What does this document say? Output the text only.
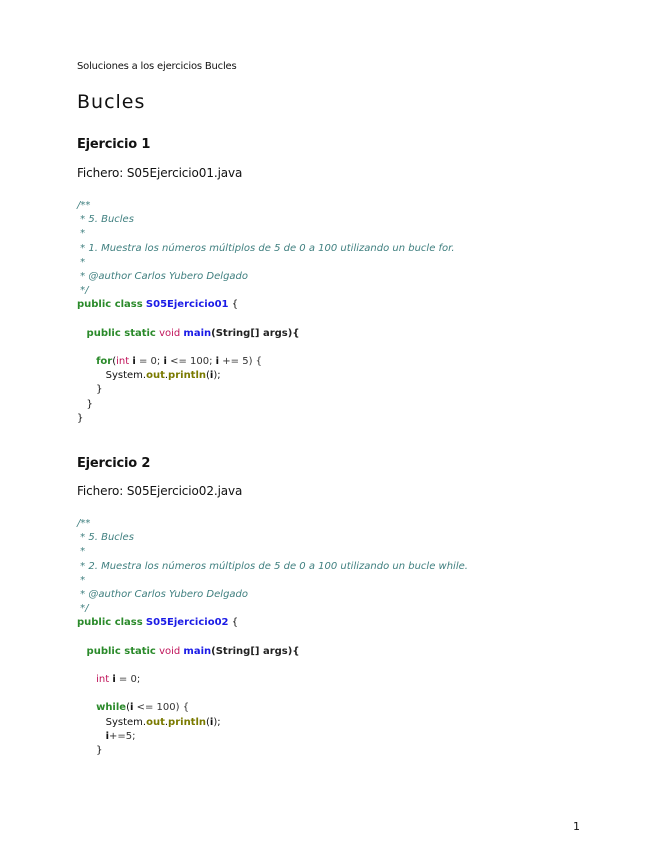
Soluciones a los ejercicios Bucles
Bucles
Ejercicio 1
Fichero: S05Ejercicio01.java
/**
* 5. Bucles
*
* 1. Muestra los números múltiplos de 5 de 0 a 100 utilizando un bucle for.
*
* @author Carlos Yubero Delgado
*/
public class S05Ejercicio01 {

public static void main(String[] args){

for(int i = 0; i <= 100; i += 5) {
System.out.println(i);
}
}
}
Ejercicio 2
Fichero: S05Ejercicio02.java
/**
* 5. Bucles
*
* 2. Muestra los números múltiplos de 5 de 0 a 100 utilizando un bucle while.
*
* @author Carlos Yubero Delgado
*/
public class S05Ejercicio02 {

public static void main(String[] args){

int i = 0;

while(i <= 100) {
System.out.println(i);
i+=5;
}
1
